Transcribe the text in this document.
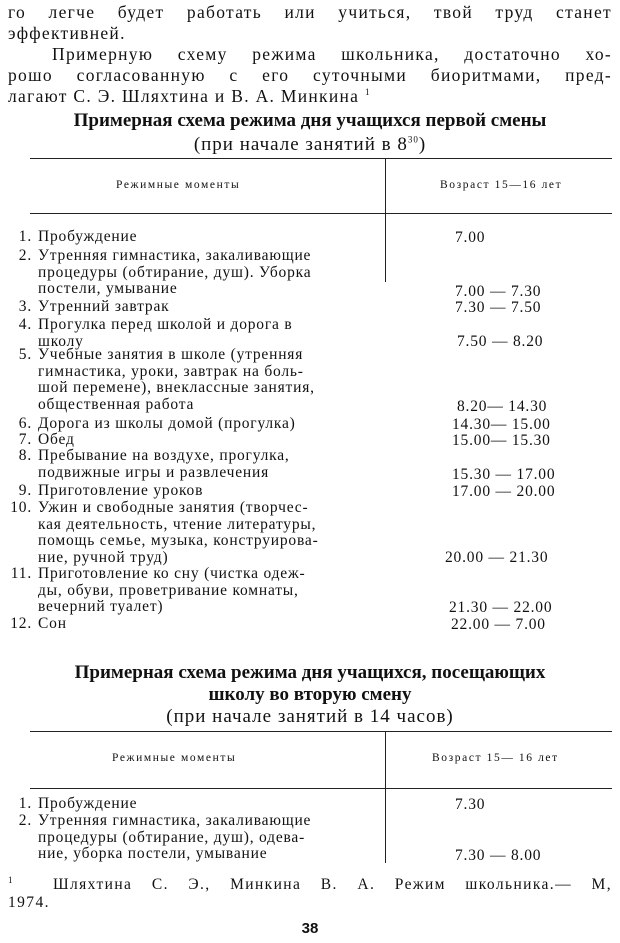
го легче будет работать или учиться, твой труд станет

эффективней.

Примерную схему режима школьника, достаточно хо-

рошо согласованную с его суточными биоритмами, пред-

лагают С. Э. Шляхтина и В. А. Минкина $^1$

Примерная схема режима дня учащихся первой смены
(при начале занятий в $8^{30}$)
Режимные моменты	Возраст 15—16 лет
1. Пробуждение	7.00
2. Утренняя гимнастика, закаливающие
процедуры (обтирание, душ). Уборка
постели, умывание	7.00 — 7.30
3. Утренний завтрак	7.30 — 7.50
4. Прогулка перед школой и дорога в
школу	7.50 — 8.20
5. Учебные занятия в школе (утренняя
гимнастика, уроки, завтрак на боль-
шой перемене), внеклассные занятия,
общественная работа	8.20— 14.30
6. Дорога из школы домой (прогулка)	14.30— 15.00
7. Обед	15.00— 15.30
8. Пребывание на воздухе, прогулка,
подвижные игры и развлечения	15.30 — 17.00
9. Приготовление уроков	17.00 — 20.00
10. Ужин и свободные занятия (творчес-
кая деятельность, чтение литературы,
помощь семье, музыка, конструирова-
ние, ручной труд)	20.00 — 21.30
11. Приготовление ко сну (чистка одеж-
ды, обуви, проветривание комнаты,
вечерний туалет)	21.30 — 22.00
12. Сон	22.00 — 7.00
Примерная схема режима дня учащихся, посещающих
школу во вторую смену
(при начале занятий в 14 часов)
Режимные моменты	Возраст 15— 16 лет
1. Пробуждение	7.30
2. Утренняя гимнастика, закаливающие
процедуры (обтирание, душ), одева-
ние, уборка постели, умывание	7.30 — 8.00
$^1$	Шляхтина С. Э., Минкина В. А. Режим школьника.— М,
1974.
38
